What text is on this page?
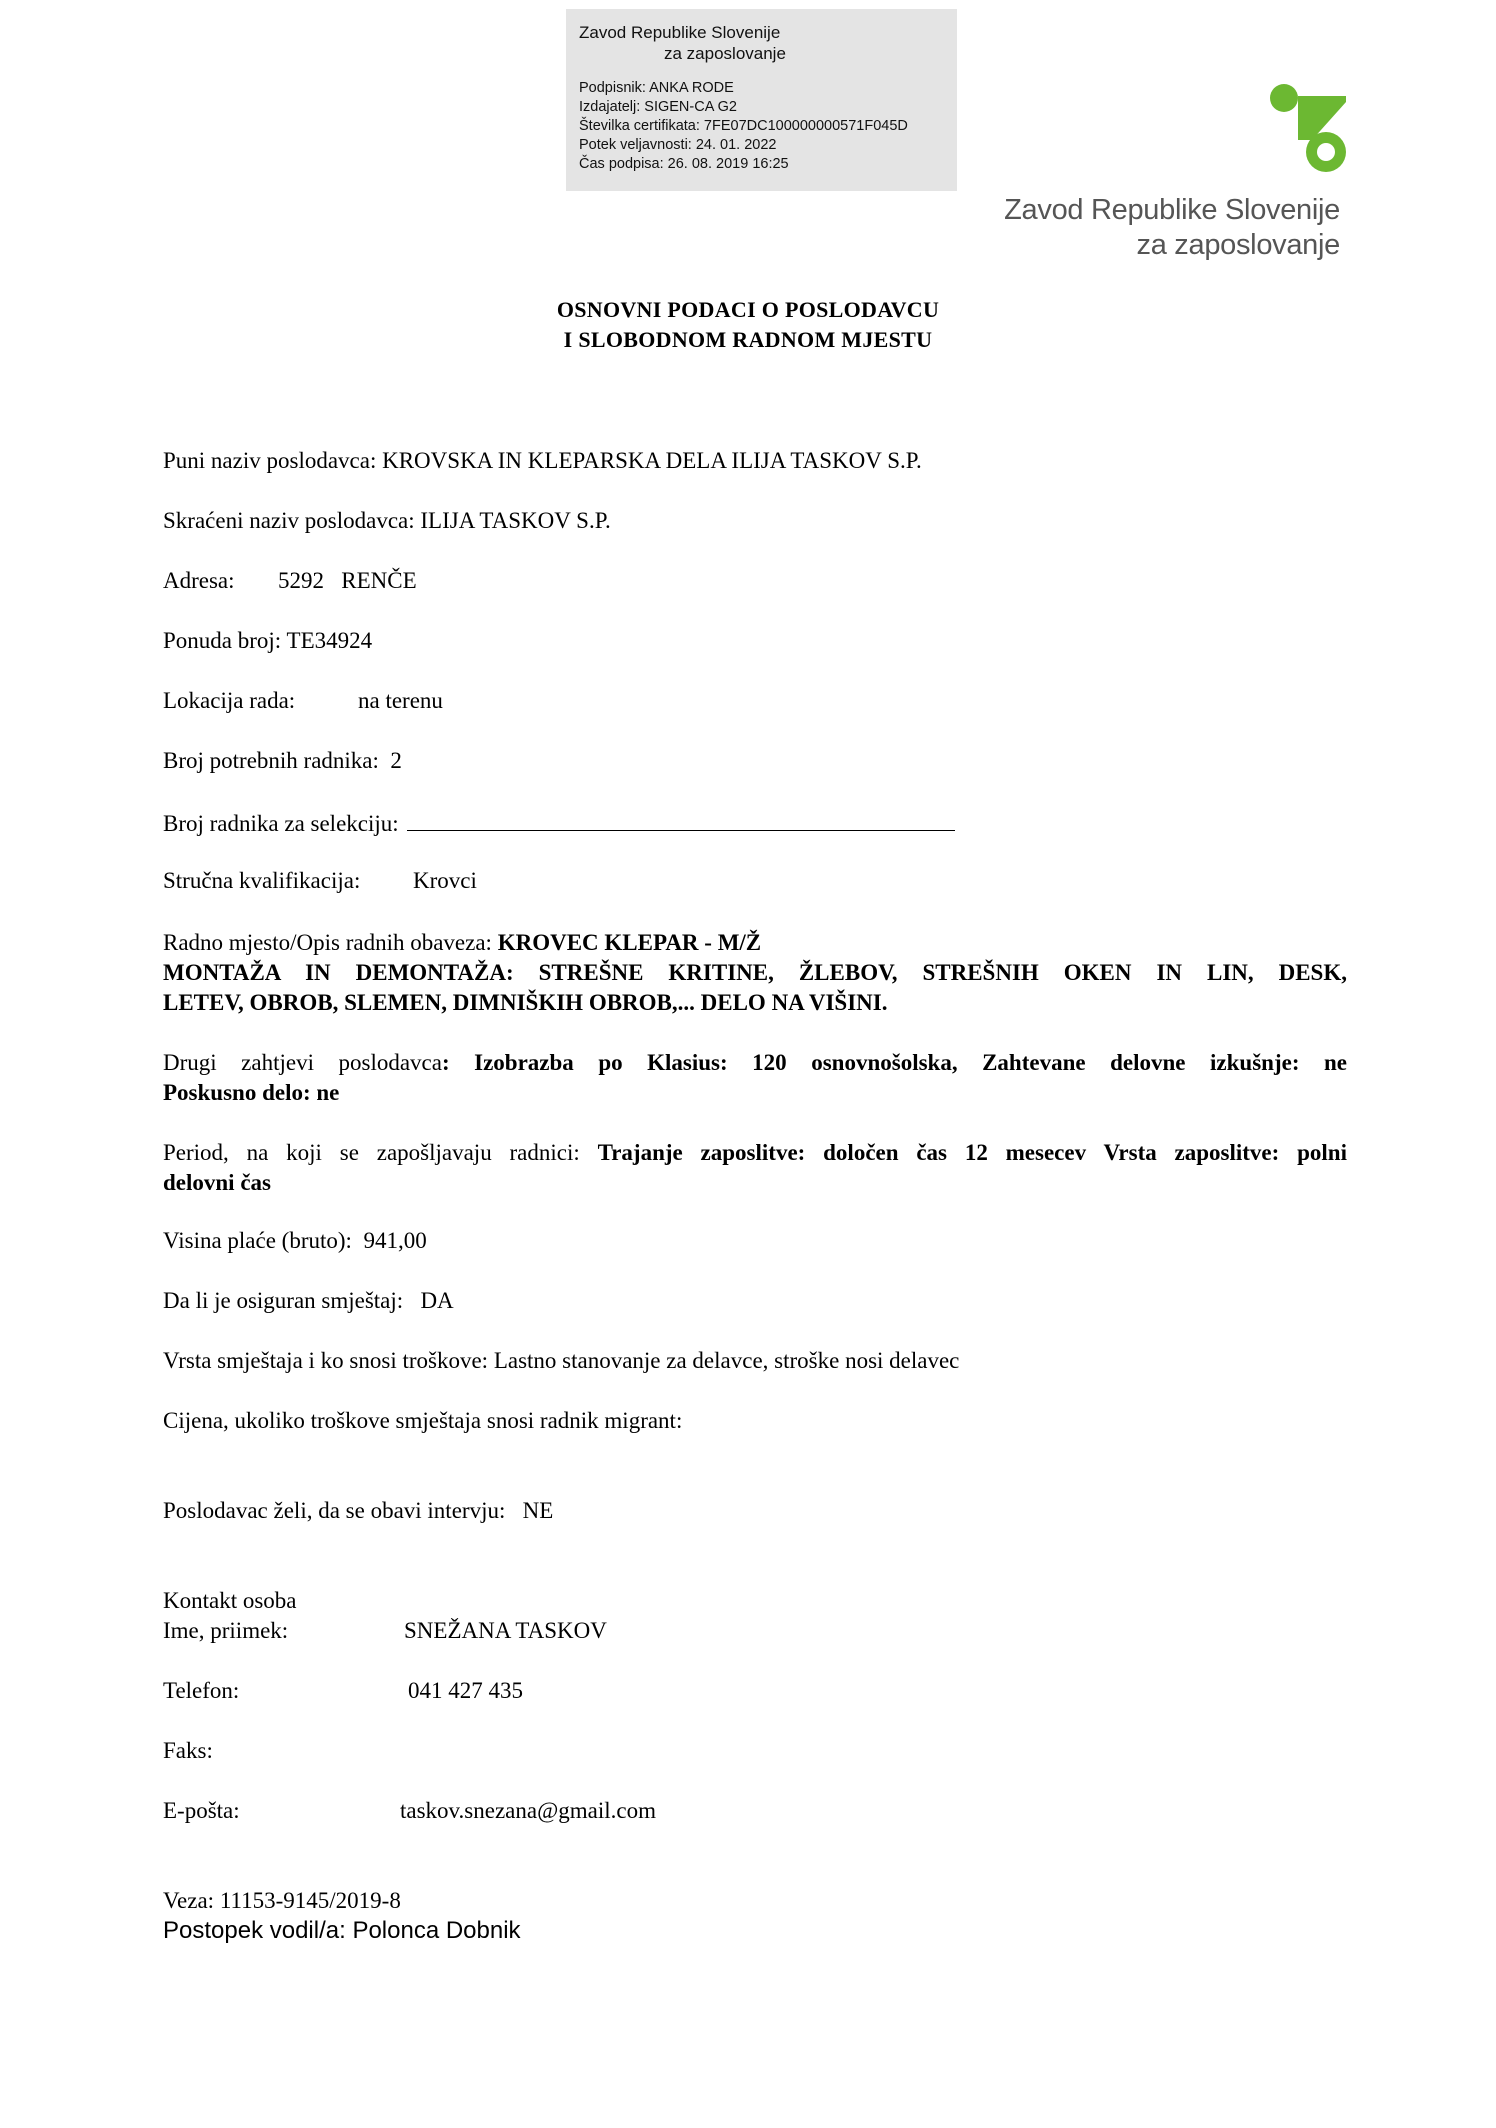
Zavod Republike Slovenije
za zaposlovanje
Podpisnik: ANKA RODE
Izdajatelj: SIGEN-CA G2
Številka certifikata: 7FE07DC100000000571F045D
Potek veljavnosti: 24. 01. 2022
Čas podpisa: 26. 08. 2019 16:25
Zavod Republike Slovenije
za zaposlovanje
OSNOVNI PODACI O POSLODAVCU
I SLOBODNOM RADNOM MJESTU
Puni naziv poslodavca: KROVSKA IN KLEPARSKA DELA ILIJA TASKOV S.P.
Skraćeni naziv poslodavca: ILIJA TASKOV S.P.
Adresa: 5292   RENČE
Ponuda broj: TE34924
Lokacija rada:	na terenu
Broj potrebnih radnika:  2
Broj radnika za selekciju:
Stručna kvalifikacija: Krovci
Radno mjesto/Opis radnih obaveza: KROVEC KLEPAR - M/Ž
MONTAŽA IN DEMONTAŽA: STREŠNE KRITINE, ŽLEBOV, STREŠNIH OKEN IN LIN, DESK,
LETEV, OBROB, SLEMEN, DIMNIŠKIH OBROB,... DELO NA VIŠINI.
Drugi zahtjevi poslodavca: Izobrazba po Klasius: 120 osnovnošolska, Zahtevane delovne izkušnje: ne
Poskusno delo: ne
Period, na koji se zapošljavaju radnici: Trajanje zaposlitve: določen čas 12 mesecev Vrsta zaposlitve: polni
delovni čas
Visina plaće (bruto):  941,00
Da li je osiguran smještaj:   DA
Vrsta smještaja i ko snosi troškove: Lastno stanovanje za delavce, stroške nosi delavec
Cijena, ukoliko troškove smještaja snosi radnik migrant:
Poslodavac želi, da se obavi intervju:   NE
Kontakt osoba
Ime, priimek:	SNEŽANA TASKOV
Telefon:	041 427 435
Faks:
E-pošta:	taskov.snezana@gmail.com
Veza: 11153-9145/2019-8
Postopek vodil/a: Polonca Dobnik
